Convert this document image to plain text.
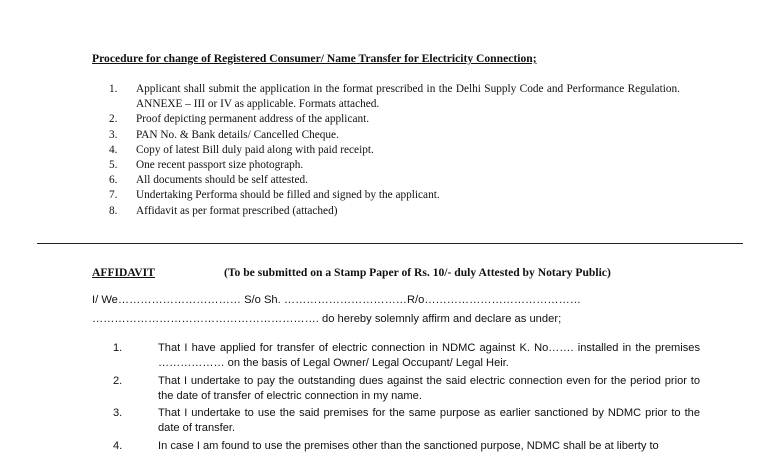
Procedure for change of Registered Consumer/ Name Transfer for Electricity Connection;
1. Applicant shall submit the application in the format prescribed in the Delhi Supply Code and Performance Regulation. ANNEXE – III or IV as applicable. Formats attached.
2. Proof depicting permanent address of the applicant.
3. PAN No. & Bank details/ Cancelled Cheque.
4. Copy of latest Bill duly paid along with paid receipt.
5. One recent passport size photograph.
6. All documents should be self attested.
7. Undertaking Performa should be filled and signed by the applicant.
8. Affidavit as per format prescribed (attached)
AFFIDAVIT	(To be submitted on a Stamp Paper of Rs. 10/- duly Attested by Notary Public)
I/ We…………………………… S/o Sh. ……………………………R/o……………………………………
……………………………………………………. do hereby solemnly affirm and declare as under;
1.	That I have applied for transfer of electric connection in NDMC against K. No……. installed in the premises ……………… on the basis of Legal Owner/ Legal Occupant/ Legal Heir.
2.	That I undertake to pay the outstanding dues against the said electric connection even for the period prior to the date of transfer of electric connection in my name.
3.	That I undertake to use the said premises for the same purpose as earlier sanctioned by NDMC prior to the date of transfer.
4.	In case I am found to use the premises other than the sanctioned purpose, NDMC shall be at liberty to
